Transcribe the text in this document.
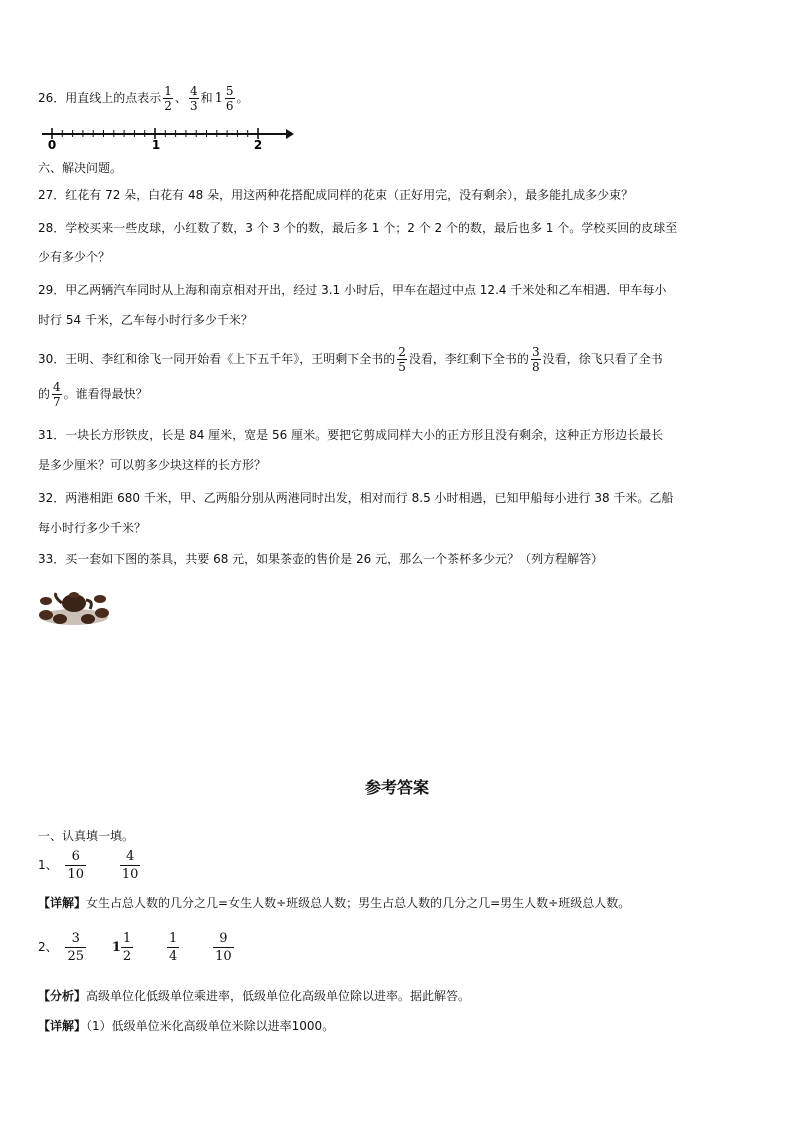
26．用直线上的点表示 $\frac{1}{2}$ 、 $\frac{4}{3}$ 和 $1 \frac{5}{6}$ 。
0	1	2
六、解决问题。
27．红花有 72 朵，白花有 48 朵，用这两种花搭配成同样的花束（正好用完，没有剩余），最多能扎成多少束？
28．学校买来一些皮球，小红数了数，3 个 3 个的数，最后多 1 个；2 个 2 个的数，最后也多 1 个。学校买回的皮球至
少有多少个？
29．甲乙两辆汽车同时从上海和南京相对开出，经过 3.1 小时后，甲车在超过中点 12.4 千米处和乙车相遇．甲车每小
时行 54 千米，乙车每小时行多少千米？
30．王明、李红和徐飞一同开始看《上下五千年》，王明剩下全书的 $\frac{2}{5}$ 没看，李红剩下全书的 $\frac{3}{8}$ 没看，徐飞只看了全书
的 $\frac{4}{7}$ 。谁看得最快？
31．一块长方形铁皮，长是 84 厘米，宽是 56 厘米。要把它剪成同样大小的正方形且没有剩余，这种正方形边长最长
是多少厘米？可以剪多少块这样的长方形？
32．两港相距 680 千米，甲、乙两船分别从两港同时出发，相对而行 8.5 小时相遇，已知甲船每小进行 38 千米。乙船
每小时行多少千米？
33．买一套如下图的茶具，共要 68 元，如果茶壶的售价是 26 元，那么一个茶杯多少元？（列方程解答）
参考答案
一、认真填一填。
1、 $\frac{6}{10}$
	$\frac{4}{10}$
【详解】女生占总人数的几分之几=女生人数÷班级总人数；男生占总人数的几分之几=男生人数÷班级总人数。
2、 $\frac{3}{25} 1 \frac{1}{2}$
	$\frac{1}{4}$
	$\frac{9}{10}$
【分析】高级单位化低级单位乘进率，低级单位化高级单位除以进率。据此解答。
【详解】（1）低级单位米化高级单位米除以进率1000。
